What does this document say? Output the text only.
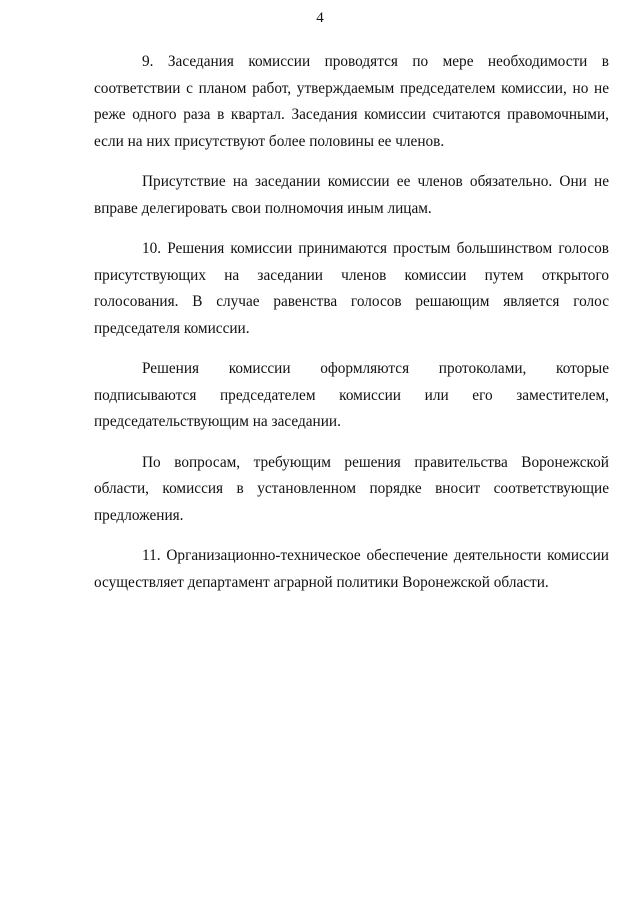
4

9. Заседания комиссии проводятся по мере необходимости в соответствии с планом работ, утверждаемым председателем комиссии, но не реже одного раза в квартал. Заседания комиссии считаются правомочными, если на них присутствуют более половины ее членов.

Присутствие на заседании комиссии ее членов обязательно. Они не вправе делегировать свои полномочия иным лицам.

10. Решения комиссии принимаются простым большинством голосов присутствующих на заседании членов комиссии путем открытого голосования. В случае равенства голосов решающим является голос председателя комиссии.

Решения комиссии оформляются протоколами, которые подписываются председателем комиссии или его заместителем, председательствующим на заседании.

По вопросам, требующим решения правительства Воронежской области, комиссия в установленном порядке вносит соответствующие предложения.

11. Организационно-техническое обеспечение деятельности комиссии осуществляет департамент аграрной политики Воронежской области.
